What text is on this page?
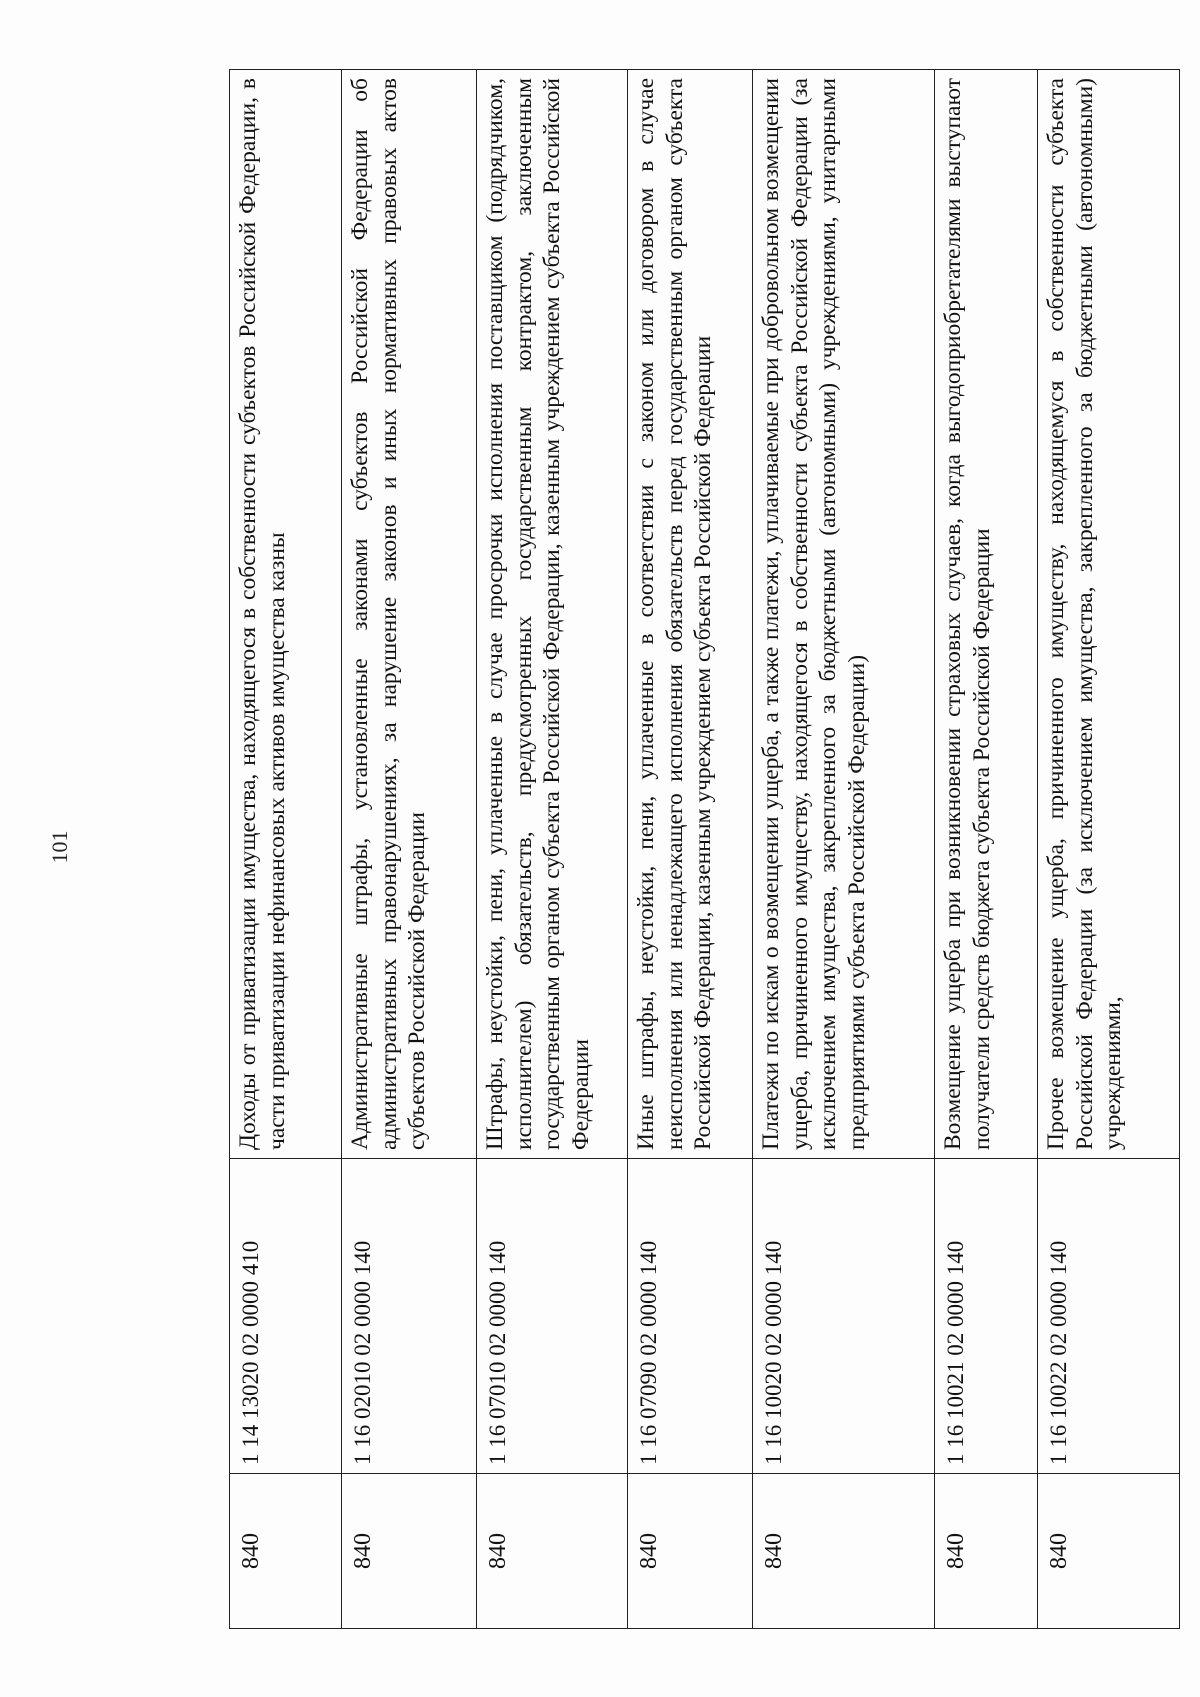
101
840	1 14 13020 02 0000 410	Доходы от приватизации имущества, находящегося в собственности субъектов Российской Федерации, в части приватизации нефинансовых активов имущества казны
840	1 16 02010 02 0000 140	Административные штрафы, установленные законами субъектов Российской Федерации об административных правонарушениях, за нарушение законов и иных нормативных правовых актов субъектов Российской Федерации
840	1 16 07010 02 0000 140	Штрафы, неустойки, пени, уплаченные в случае просрочки исполнения поставщиком (подрядчиком, исполнителем) обязательств, предусмотренных государственным контрактом, заключенным государственным органом субъекта Российской Федерации, казенным учреждением субъекта Российской Федерации
840	1 16 07090 02 0000 140	Иные штрафы, неустойки, пени, уплаченные в соответствии с законом или договором в случае неисполнения или ненадлежащего исполнения обязательств перед государственным органом субъекта Российской Федерации, казенным учреждением субъекта Российской Федерации
840	1 16 10020 02 0000 140	Платежи по искам о возмещении ущерба, а также платежи, уплачиваемые при добровольном возмещении ущерба, причиненного имуществу, находящегося в собственности субъекта Российской Федерации (за исключением имущества, закрепленного за бюджетными (автономными) учреждениями, унитарными предприятиями субъекта Российской Федерации)
840	1 16 10021 02 0000 140	Возмещение ущерба при возникновении страховых случаев, когда выгодоприобретателями выступают получатели средств бюджета субъекта Российской Федерации
840	1 16 10022 02 0000 140	Прочее возмещение ущерба, причиненного имуществу, находящемуся в собственности субъекта Российской Федерации (за исключением имущества, закрепленного за бюджетными (автономными) учреждениями,
